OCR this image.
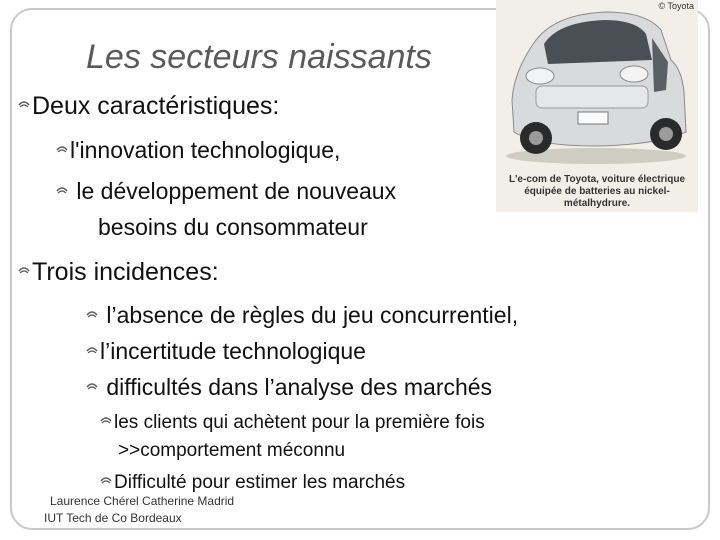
Les secteurs naissants
Deux caractéristiques:
l'innovation technologique,
le développement de nouveaux
besoins du consommateur
Trois incidences:
l’absence de règles du jeu concurrentiel,
l’incertitude technologique
difficultés dans l’analyse des marchés
les clients qui achètent pour la première fois
>>comportement méconnu
Difficulté pour estimer les marchés
© Toyota
L'e-com de Toyota, voiture électrique équipée de batteries au nickel-métalhydrure.
Laurence Chérel Catherine Madrid
IUT Tech de Co Bordeaux
